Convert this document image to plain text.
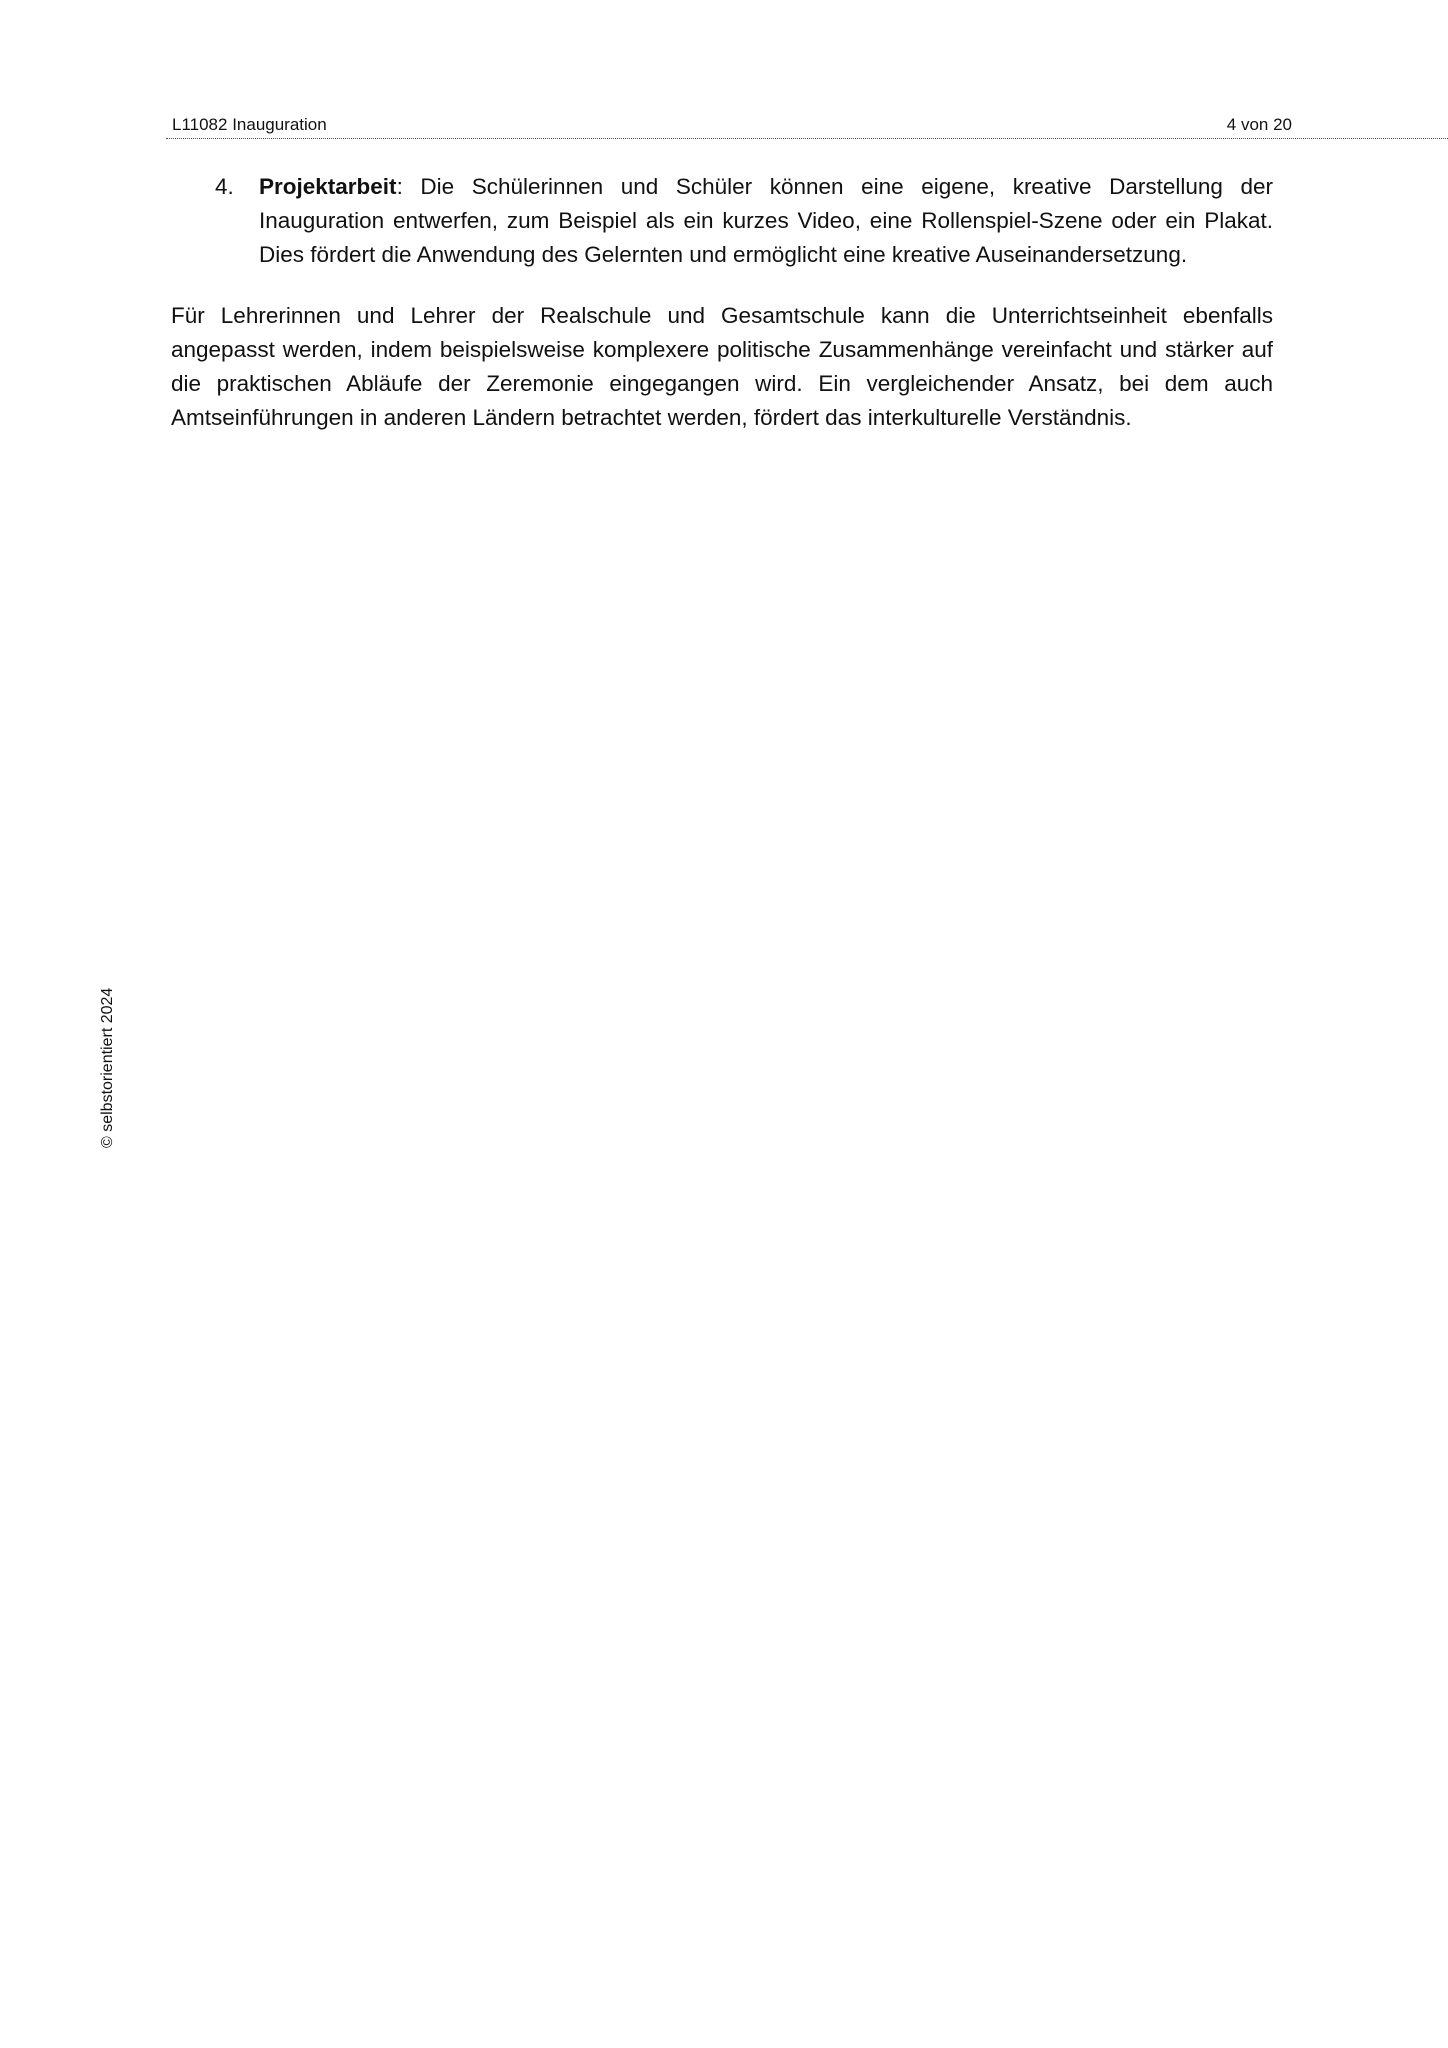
L11082 Inauguration	4 von 20

4. Projektarbeit: Die Schülerinnen und Schüler können eine eigene, kreative Darstellung der Inauguration entwerfen, zum Beispiel als ein kurzes Video, eine Rollenspiel-Szene oder ein Plakat. Dies fördert die Anwendung des Gelernten und ermöglicht eine kreative Auseinandersetzung.

Für Lehrerinnen und Lehrer der Realschule und Gesamtschule kann die Unterrichtseinheit ebenfalls angepasst werden, indem beispielsweise komplexere politische Zusammenhänge vereinfacht und stärker auf die praktischen Abläufe der Zeremonie eingegangen wird. Ein vergleichender Ansatz, bei dem auch Amtseinführungen in anderen Ländern betrachtet werden, fördert das interkulturelle Verständnis.

© selbstorientiert 2024
